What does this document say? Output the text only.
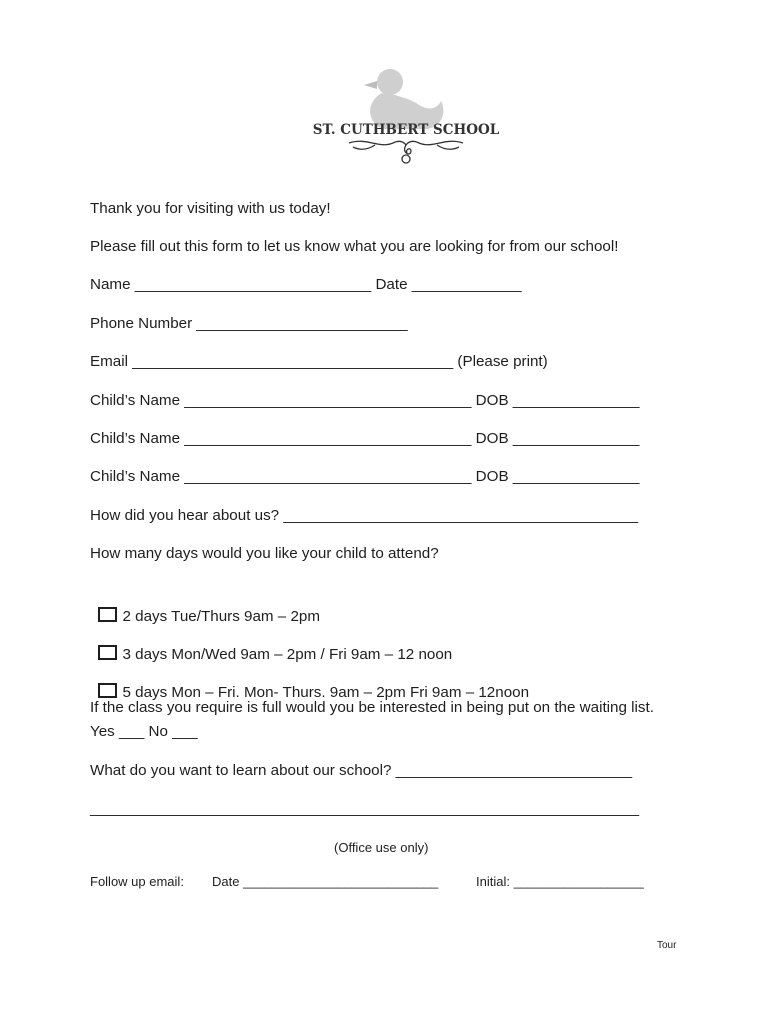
ST. CUTHBERT SCHOOL

Thank you for visiting with us today!

Please fill out this form to let us know what you are looking for from our school!

Name ____________________________ Date _____________

Phone Number _________________________

Email ______________________________________ (Please print)

Child’s Name __________________________________ DOB _______________

Child’s Name __________________________________ DOB _______________

Child’s Name __________________________________ DOB _______________

How did you hear about us? __________________________________________

How many days would you like your child to attend?

2 days Tue/Thurs 9am – 2pm

3 days Mon/Wed 9am – 2pm / Fri 9am – 12 noon

5 days Mon – Fri. Mon- Thurs. 9am – 2pm Fri 9am – 12noon

If the class you require is full would you be interested in being put on the waiting list. Yes ___ No ___

What do you want to learn about our school? ____________________________

_________________________________________________________________

(Office use only)

Follow up email: Date ___________________________	Initial: __________________

Tour
